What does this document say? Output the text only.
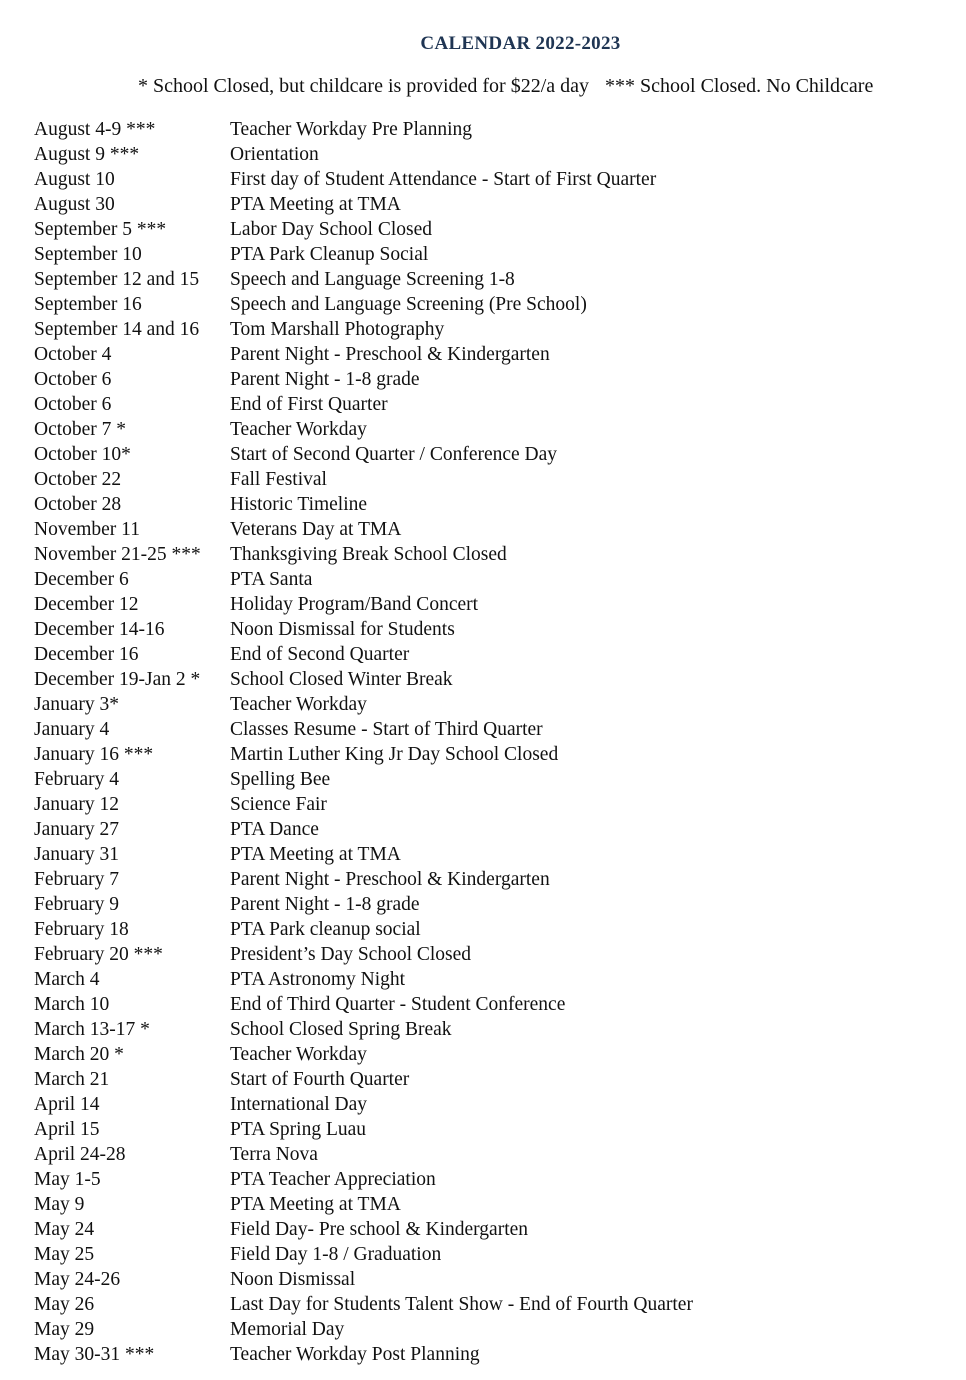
CALENDAR 2022-2023
* School Closed, but childcare is provided for $22/a day *** School Closed. No Childcare
August 4-9 ***	Teacher Workday Pre Planning
August 9 ***	Orientation
August 10	First day of Student Attendance - Start of First Quarter
August 30	PTA Meeting at TMA
September 5 ***	Labor Day School Closed
September 10	PTA Park Cleanup Social
September 12 and 15 Speech and Language Screening 1-8
September 16	Speech and Language Screening (Pre School)
September 14 and 16 Tom Marshall Photography
October 4	Parent Night - Preschool & Kindergarten
October 6	Parent Night - 1-8 grade
October 6	End of First Quarter
October 7 *	Teacher Workday
October 10*	Start of Second Quarter / Conference Day
October 22	Fall Festival
October 28	Historic Timeline
November 11	Veterans Day at TMA
November 21-25 *** Thanksgiving Break School Closed
December 6	PTA Santa
December 12	Holiday Program/Band Concert
December 14-16	Noon Dismissal for Students
December 16	End of Second Quarter
December 19-Jan 2 * School Closed Winter Break
January 3*	Teacher Workday
January 4	Classes Resume - Start of Third Quarter
January 16 ***	Martin Luther King Jr Day School Closed
February 4	Spelling Bee
January 12	Science Fair
January 27	PTA Dance
January 31	PTA Meeting at TMA
February 7	Parent Night - Preschool & Kindergarten
February 9	Parent Night - 1-8 grade
February 18	PTA Park cleanup social
February 20 ***	President’s Day School Closed
March 4	PTA Astronomy Night
March 10	End of Third Quarter - Student Conference
March 13-17 *	School Closed Spring Break
March 20 *	Teacher Workday
March 21	Start of Fourth Quarter
April 14	International Day
April 15	PTA Spring Luau
April 24-28	Terra Nova
May 1-5	PTA Teacher Appreciation
May 9	PTA Meeting at TMA
May 24	Field Day- Pre school & Kindergarten
May 25	Field Day 1-8 / Graduation
May 24-26	Noon Dismissal
May 26	Last Day for Students Talent Show - End of Fourth Quarter
May 29	Memorial Day
May 30-31 ***	Teacher Workday Post Planning
